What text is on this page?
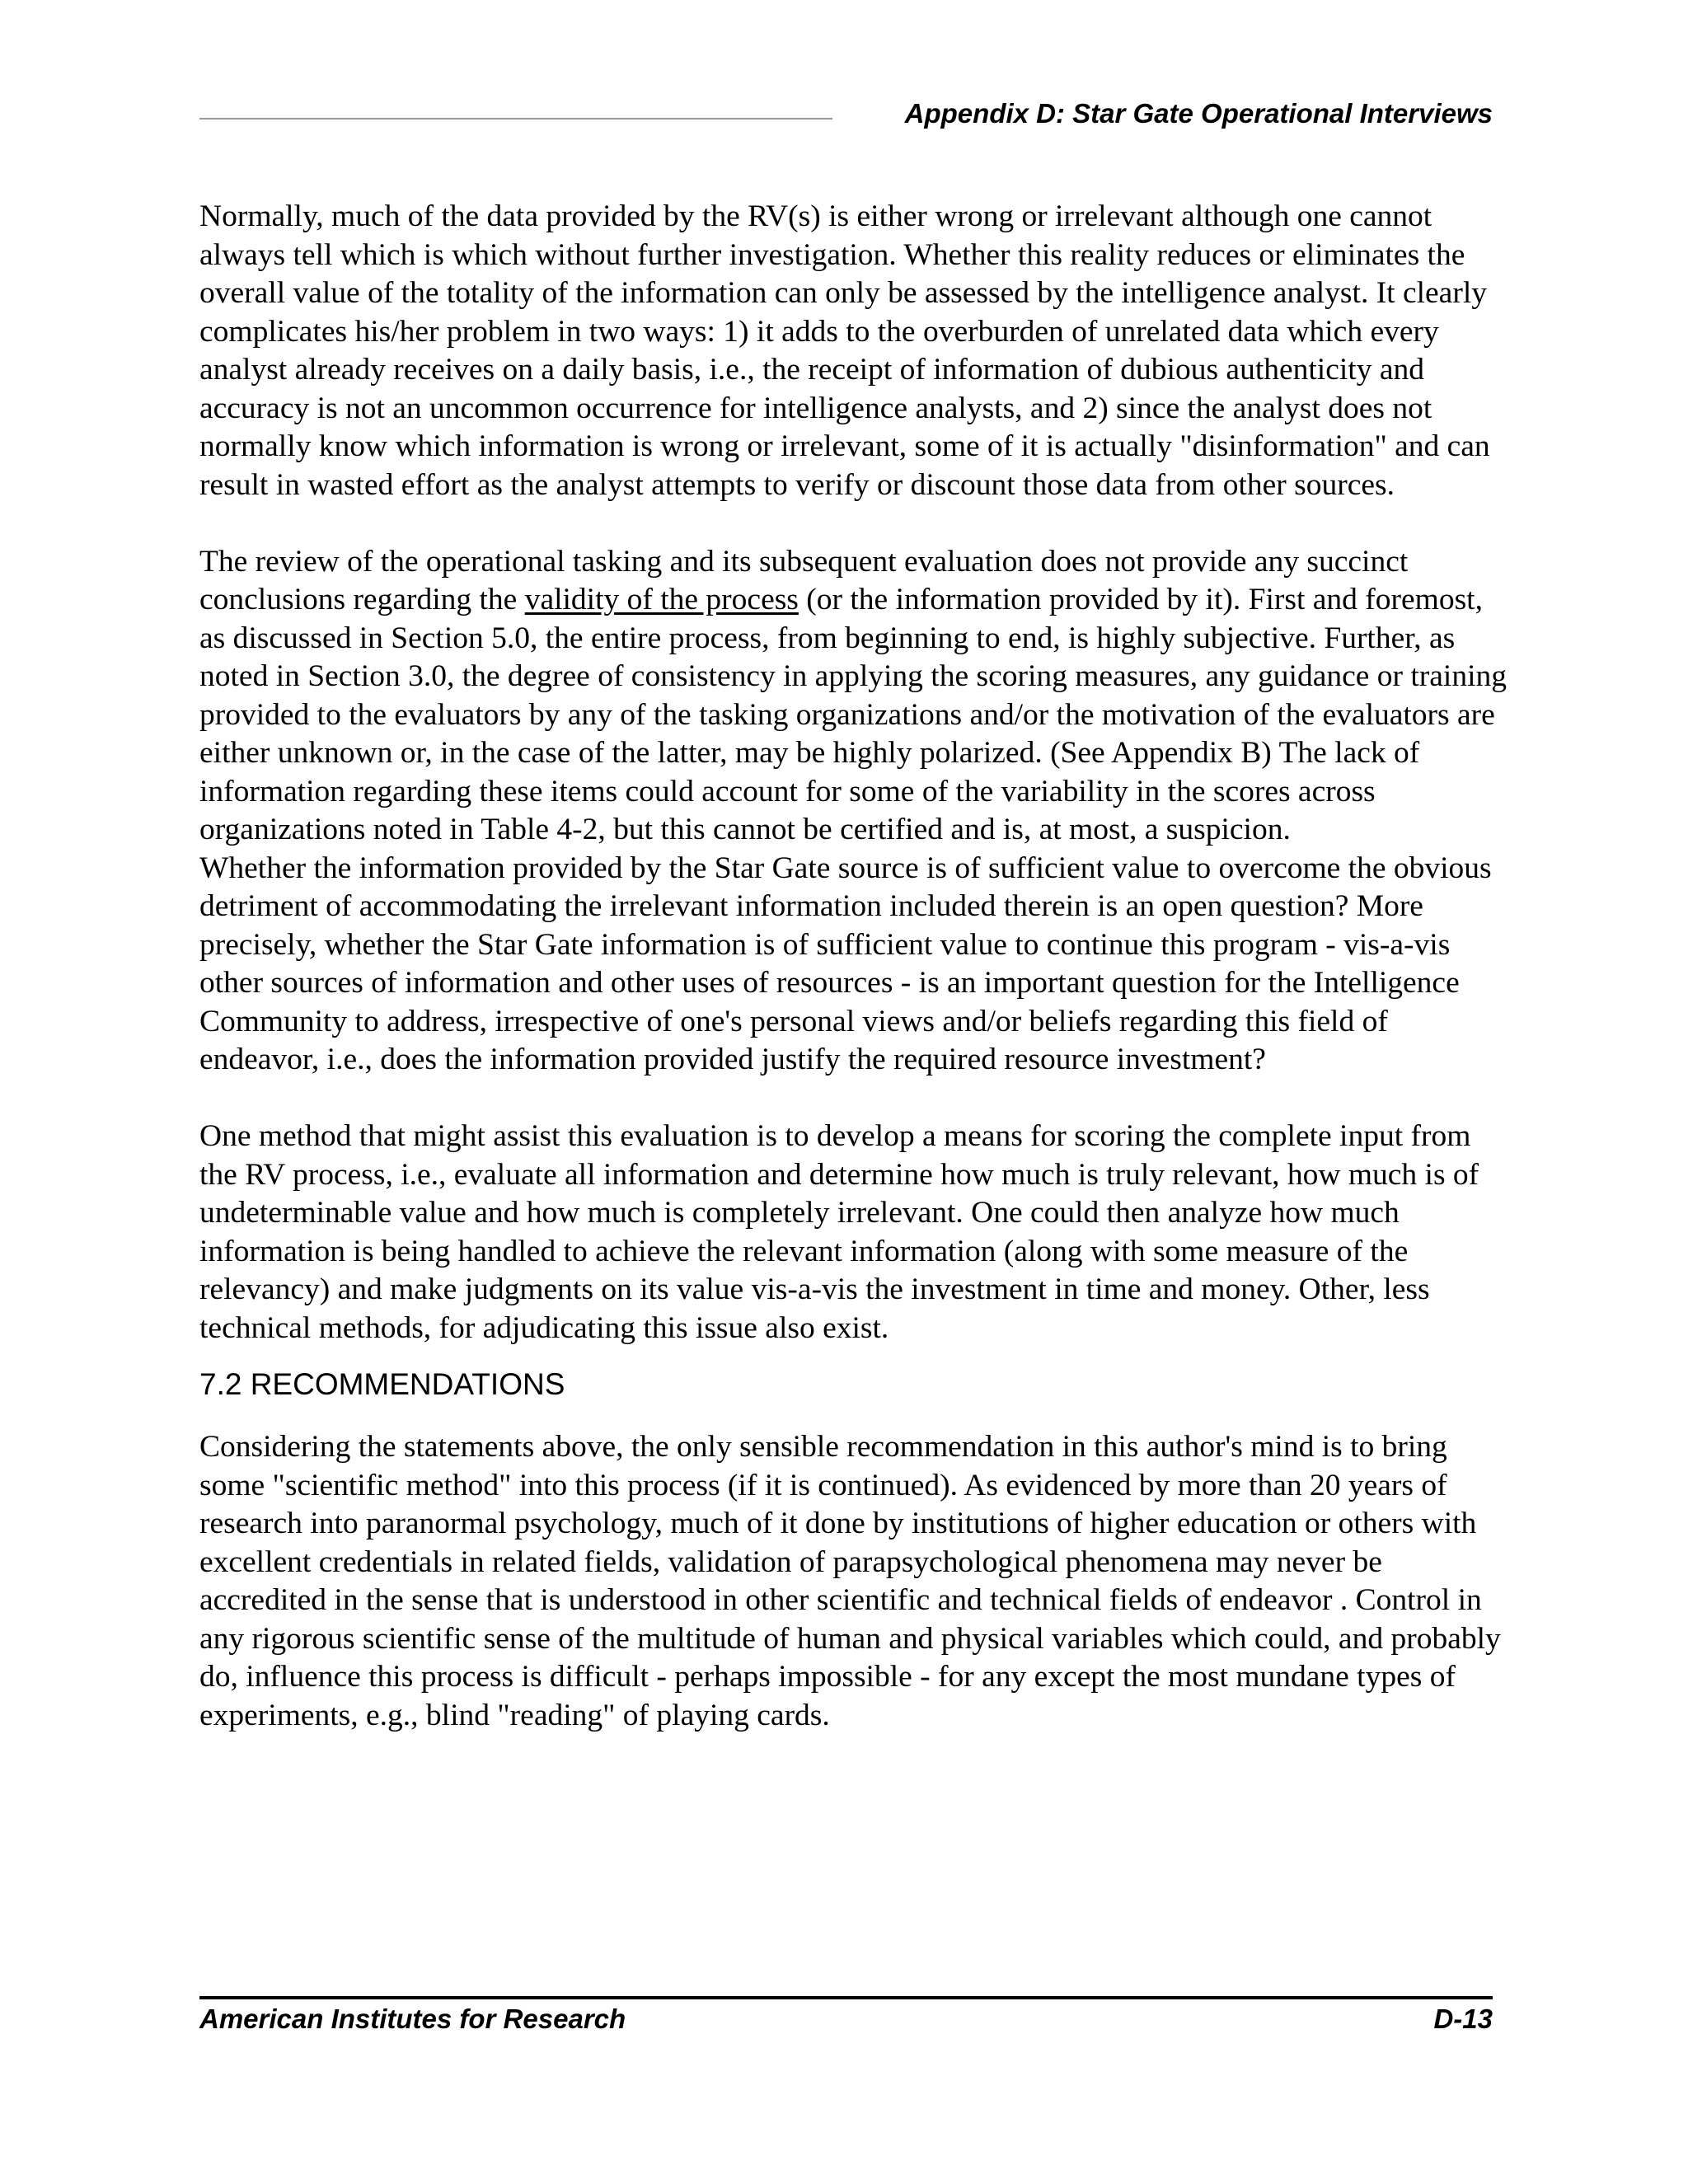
Appendix D: Star Gate Operational Interviews

Normally, much of the data provided by the RV(s) is either wrong or irrelevant although one cannot always tell which is which without further investigation. Whether this reality reduces or eliminates the overall value of the totality of the information can only be assessed by the intelligence analyst. It clearly complicates his/her problem in two ways: 1) it adds to the overburden of unrelated data which every analyst already receives on a daily basis, i.e., the receipt of information of dubious authenticity and accuracy is not an uncommon occurrence for intelligence analysts, and 2) since the analyst does not normally know which information is wrong or irrelevant, some of it is actually "disinformation" and can result in wasted effort as the analyst attempts to verify or discount those data from other sources.

The review of the operational tasking and its subsequent evaluation does not provide any succinct conclusions regarding the validity of the process (or the information provided by it). First and foremost, as discussed in Section 5.0, the entire process, from beginning to end, is highly subjective. Further, as noted in Section 3.0, the degree of consistency in applying the scoring measures, any guidance or training provided to the evaluators by any of the tasking organizations and/or the motivation of the evaluators are either unknown or, in the case of the latter, may be highly polarized. (See Appendix B) The lack of information regarding these items could account for some of the variability in the scores across organizations noted in Table 4-2, but this cannot be certified and is, at most, a suspicion.

Whether the information provided by the Star Gate source is of sufficient value to overcome the obvious detriment of accommodating the irrelevant information included therein is an open question? More precisely, whether the Star Gate information is of sufficient value to continue this program - vis-a-vis other sources of information and other uses of resources - is an important question for the Intelligence Community to address, irrespective of one's personal views and/or beliefs regarding this field of endeavor, i.e., does the information provided justify the required resource investment?

One method that might assist this evaluation is to develop a means for scoring the complete input from the RV process, i.e., evaluate all information and determine how much is truly relevant, how much is of undeterminable value and how much is completely irrelevant. One could then analyze how much information is being handled to achieve the relevant information (along with some measure of the relevancy) and make judgments on its value vis-a-vis the investment in time and money. Other, less technical methods, for adjudicating this issue also exist.

7.2 RECOMMENDATIONS

Considering the statements above, the only sensible recommendation in this author's mind is to bring some "scientific method" into this process (if it is continued). As evidenced by more than 20 years of research into paranormal psychology, much of it done by institutions of higher education or others with excellent credentials in related fields, validation of parapsychological phenomena may never be accredited in the sense that is understood in other scientific and technical fields of endeavor . Control in any rigorous scientific sense of the multitude of human and physical variables which could, and probably do, influence this process is difficult - perhaps impossible - for any except the most mundane types of experiments, e.g., blind "reading" of playing cards.

American Institutes for Research	D-13
